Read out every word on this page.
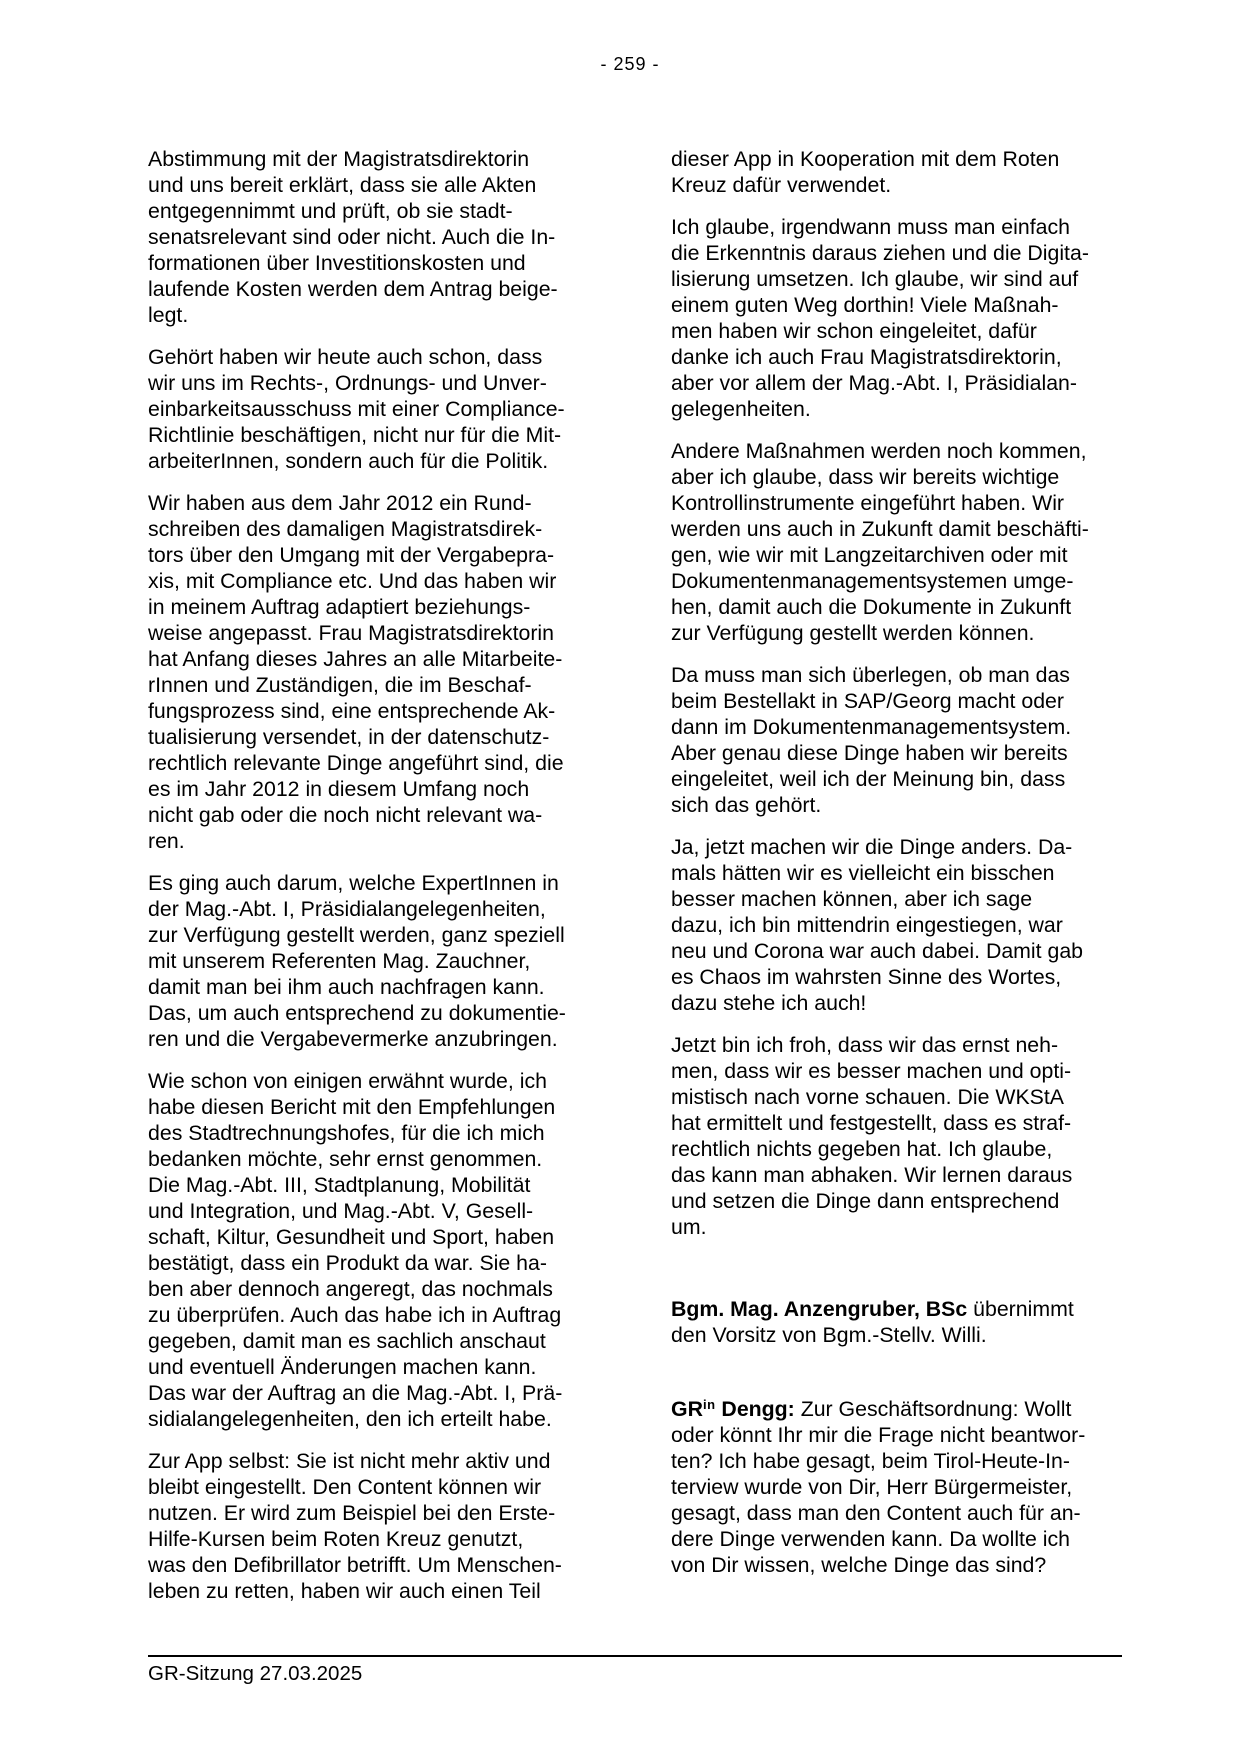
- 259 -

Abstimmung mit der Magistratsdirektorin
und uns bereit erklärt, dass sie alle Akten
entgegennimmt und prüft, ob sie stadt-
senatsrelevant sind oder nicht. Auch die In-
formationen über Investitionskosten und
laufende Kosten werden dem Antrag beige-
legt.

Gehört haben wir heute auch schon, dass
wir uns im Rechts-, Ordnungs- und Unver-
einbarkeitsausschuss mit einer Compliance-
Richtlinie beschäftigen, nicht nur für die Mit-
arbeiterInnen, sondern auch für die Politik.

Wir haben aus dem Jahr 2012 ein Rund-
schreiben des damaligen Magistratsdirek-
tors über den Umgang mit der Vergabepra-
xis, mit Compliance etc. Und das haben wir
in meinem Auftrag adaptiert beziehungs-
weise angepasst. Frau Magistratsdirektorin
hat Anfang dieses Jahres an alle Mitarbeite-
rInnen und Zuständigen, die im Beschaf-
fungsprozess sind, eine entsprechende Ak-
tualisierung versendet, in der datenschutz-
rechtlich relevante Dinge angeführt sind, die
es im Jahr 2012 in diesem Umfang noch
nicht gab oder die noch nicht relevant wa-
ren.

Es ging auch darum, welche ExpertInnen in
der Mag.-Abt. I, Präsidialangelegenheiten,
zur Verfügung gestellt werden, ganz speziell
mit unserem Referenten Mag. Zauchner,
damit man bei ihm auch nachfragen kann.
Das, um auch entsprechend zu dokumentie-
ren und die Vergabevermerke anzubringen.

Wie schon von einigen erwähnt wurde, ich
habe diesen Bericht mit den Empfehlungen
des Stadtrechnungshofes, für die ich mich
bedanken möchte, sehr ernst genommen.
Die Mag.-Abt. III, Stadtplanung, Mobilität
und Integration, und Mag.-Abt. V, Gesell-
schaft, Kiltur, Gesundheit und Sport, haben
bestätigt, dass ein Produkt da war. Sie ha-
ben aber dennoch angeregt, das nochmals
zu überprüfen. Auch das habe ich in Auftrag
gegeben, damit man es sachlich anschaut
und eventuell Änderungen machen kann.
Das war der Auftrag an die Mag.-Abt. I, Prä-
sidialangelegenheiten, den ich erteilt habe.

Zur App selbst: Sie ist nicht mehr aktiv und
bleibt eingestellt. Den Content können wir
nutzen. Er wird zum Beispiel bei den Erste-
Hilfe-Kursen beim Roten Kreuz genutzt,
was den Defibrillator betrifft. Um Menschen-
leben zu retten, haben wir auch einen Teil

dieser App in Kooperation mit dem Roten
Kreuz dafür verwendet.

Ich glaube, irgendwann muss man einfach
die Erkenntnis daraus ziehen und die Digita-
lisierung umsetzen. Ich glaube, wir sind auf
einem guten Weg dorthin! Viele Maßnah-
men haben wir schon eingeleitet, dafür
danke ich auch Frau Magistratsdirektorin,
aber vor allem der Mag.-Abt. I, Präsidialan-
gelegenheiten.

Andere Maßnahmen werden noch kommen,
aber ich glaube, dass wir bereits wichtige
Kontrollinstrumente eingeführt haben. Wir
werden uns auch in Zukunft damit beschäfti-
gen, wie wir mit Langzeitarchiven oder mit
Dokumentenmanagementsystemen umge-
hen, damit auch die Dokumente in Zukunft
zur Verfügung gestellt werden können.

Da muss man sich überlegen, ob man das
beim Bestellakt in SAP/Georg macht oder
dann im Dokumentenmanagementsystem.
Aber genau diese Dinge haben wir bereits
eingeleitet, weil ich der Meinung bin, dass
sich das gehört.

Ja, jetzt machen wir die Dinge anders. Da-
mals hätten wir es vielleicht ein bisschen
besser machen können, aber ich sage
dazu, ich bin mittendrin eingestiegen, war
neu und Corona war auch dabei. Damit gab
es Chaos im wahrsten Sinne des Wortes,
dazu stehe ich auch!

Jetzt bin ich froh, dass wir das ernst neh-
men, dass wir es besser machen und opti-
mistisch nach vorne schauen. Die WKStA
hat ermittelt und festgestellt, dass es straf-
rechtlich nichts gegeben hat. Ich glaube,
das kann man abhaken. Wir lernen daraus
und setzen die Dinge dann entsprechend
um.

Bgm. Mag. Anzengruber, BSc übernimmt
den Vorsitz von Bgm.-Stellv. Willi.

$GR^{in}$ Dengg: Zur Geschäftsordnung: Wollt
oder könnt Ihr mir die Frage nicht beantwor-
ten? Ich habe gesagt, beim Tirol-Heute-In-
terview wurde von Dir, Herr Bürgermeister,
gesagt, dass man den Content auch für an-
dere Dinge verwenden kann. Da wollte ich
von Dir wissen, welche Dinge das sind?

GR-Sitzung 27.03.2025
